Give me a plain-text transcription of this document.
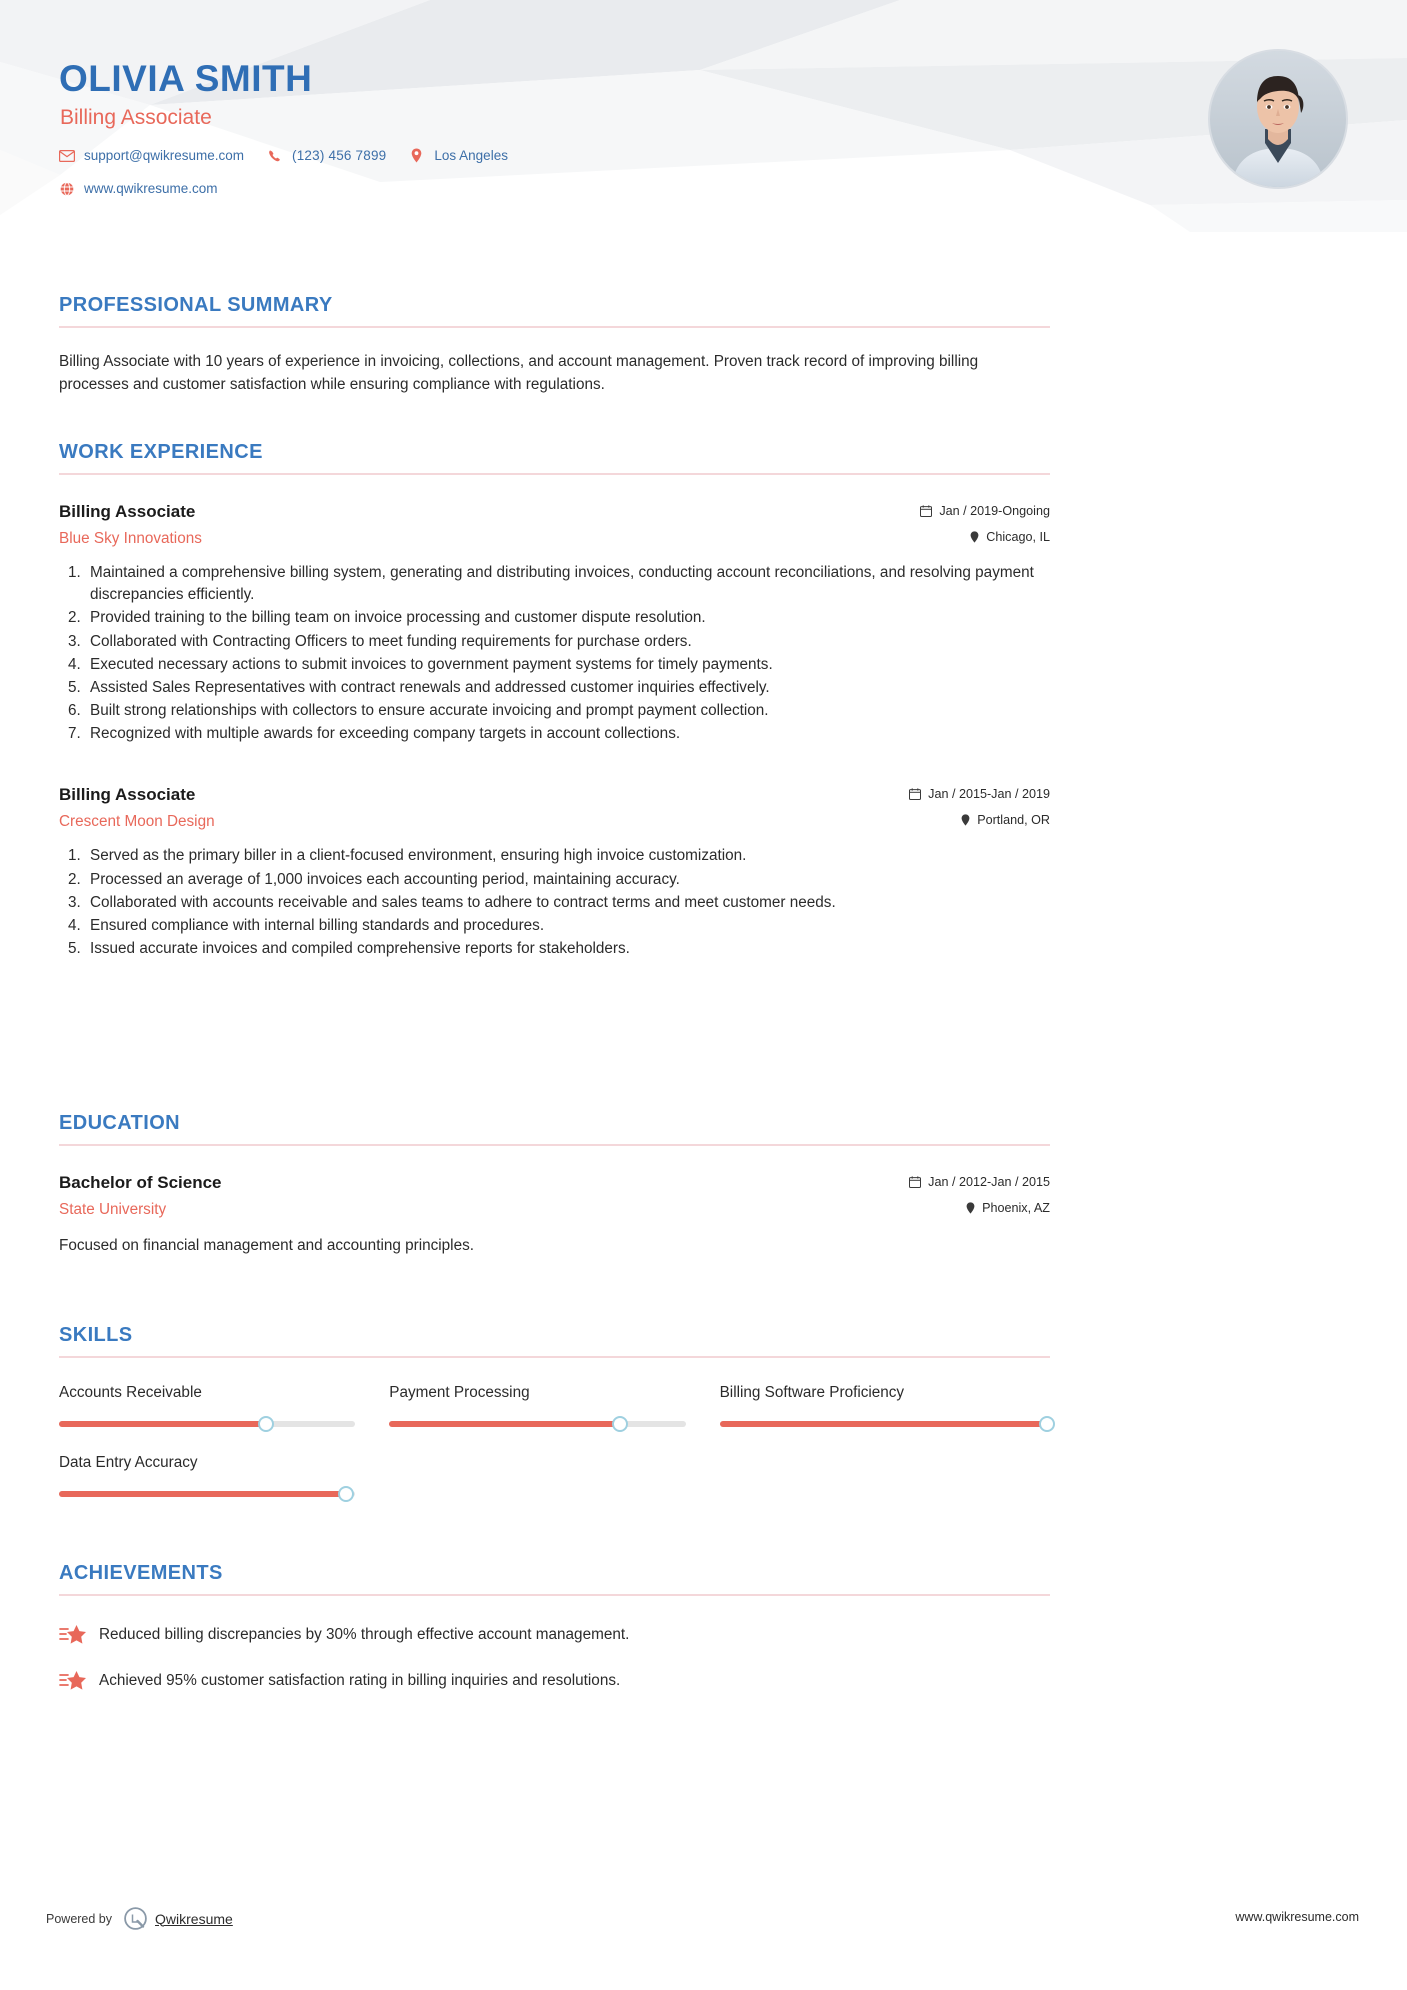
OLIVIA SMITH
Billing Associate
support@qwikresume.com	(123) 456 7899	Los Angeles
www.qwikresume.com
PROFESSIONAL SUMMARY
Billing Associate with 10 years of experience in invoicing, collections, and account management. Proven track record of improving billing processes and customer satisfaction while ensuring compliance with regulations.
WORK EXPERIENCE
Billing Associate
Blue Sky Innovations
Jan / 2019-Ongoing
Chicago, IL
1. Maintained a comprehensive billing system, generating and distributing invoices, conducting account reconciliations, and resolving payment discrepancies efficiently.
2. Provided training to the billing team on invoice processing and customer dispute resolution.
3. Collaborated with Contracting Officers to meet funding requirements for purchase orders.
4. Executed necessary actions to submit invoices to government payment systems for timely payments.
5. Assisted Sales Representatives with contract renewals and addressed customer inquiries effectively.
6. Built strong relationships with collectors to ensure accurate invoicing and prompt payment collection.
7. Recognized with multiple awards for exceeding company targets in account collections.
Billing Associate
Crescent Moon Design
Jan / 2015-Jan / 2019
Portland, OR
1. Served as the primary biller in a client-focused environment, ensuring high invoice customization.
2. Processed an average of 1,000 invoices each accounting period, maintaining accuracy.
3. Collaborated with accounts receivable and sales teams to adhere to contract terms and meet customer needs.
4. Ensured compliance with internal billing standards and procedures.
5. Issued accurate invoices and compiled comprehensive reports for stakeholders.
EDUCATION
Bachelor of Science
State University
Jan / 2012-Jan / 2015
Phoenix, AZ
Focused on financial management and accounting principles.
SKILLS
Accounts Receivable	Payment Processing	Billing Software Proficiency
Data Entry Accuracy
ACHIEVEMENTS
Reduced billing discrepancies by 30% through effective account management.
Achieved 95% customer satisfaction rating in billing inquiries and resolutions.
Powered by	Qwikresume	www.qwikresume.com
